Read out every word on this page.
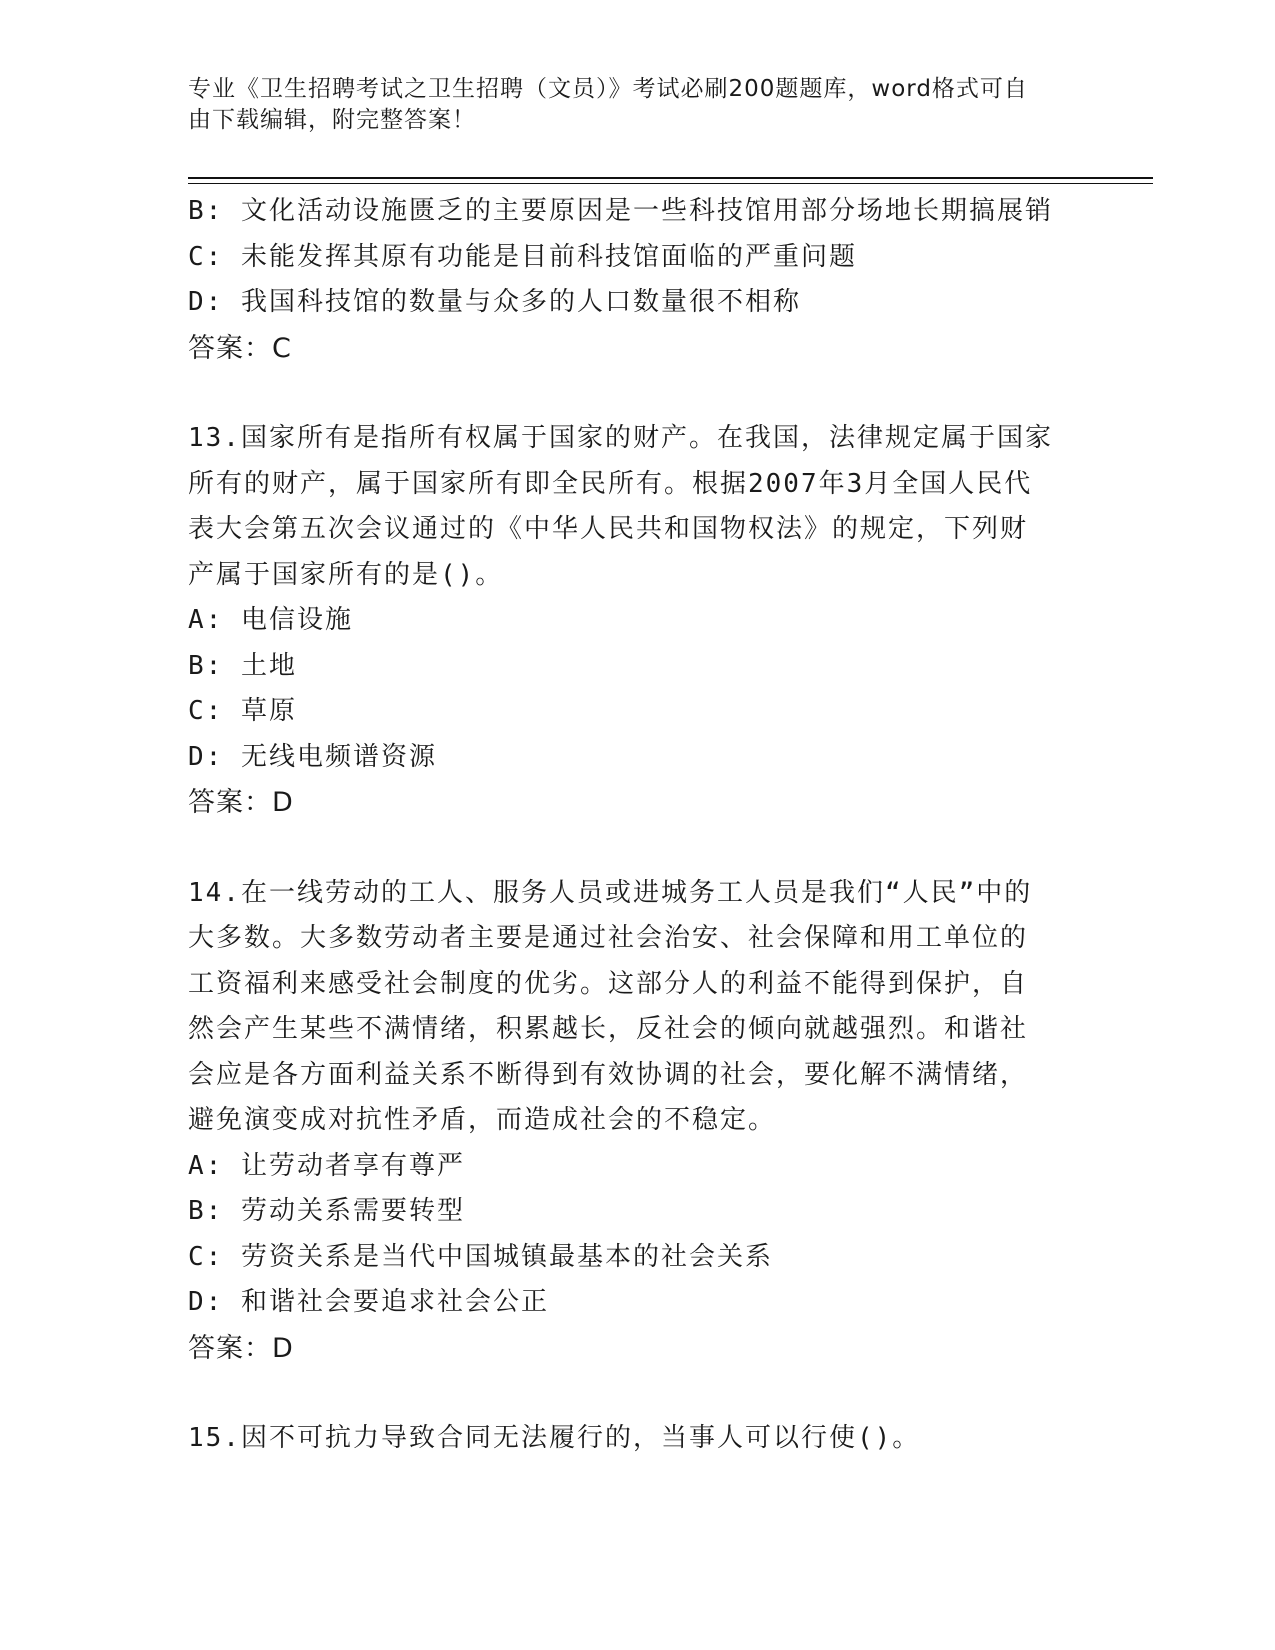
专业《卫生招聘考试之卫生招聘（文员）》考试必刷200题题库，word格式可自
由下载编辑，附完整答案！
B: 文化活动设施匮乏的主要原因是一些科技馆用部分场地长期搞展销
C: 未能发挥其原有功能是目前科技馆面临的严重问题
D: 我国科技馆的数量与众多的人口数量很不相称
答案：C
13.国家所有是指所有权属于国家的财产。在我国，法律规定属于国家
所有的财产，属于国家所有即全民所有。根据2007年3月全国人民代
表大会第五次会议通过的《中华人民共和国物权法》的规定，下列财
产属于国家所有的是()。
A: 电信设施
B: 土地
C: 草原
D: 无线电频谱资源
答案：D
14.在一线劳动的工人、服务人员或进城务工人员是我们“人民”中的
大多数。大多数劳动者主要是通过社会治安、社会保障和用工单位的
工资福利来感受社会制度的优劣。这部分人的利益不能得到保护，自
然会产生某些不满情绪，积累越长，反社会的倾向就越强烈。和谐社
会应是各方面利益关系不断得到有效协调的社会，要化解不满情绪，
避免演变成对抗性矛盾，而造成社会的不稳定。
A: 让劳动者享有尊严
B: 劳动关系需要转型
C: 劳资关系是当代中国城镇最基本的社会关系
D: 和谐社会要追求社会公正
答案：D
15.因不可抗力导致合同无法履行的，当事人可以行使()。
